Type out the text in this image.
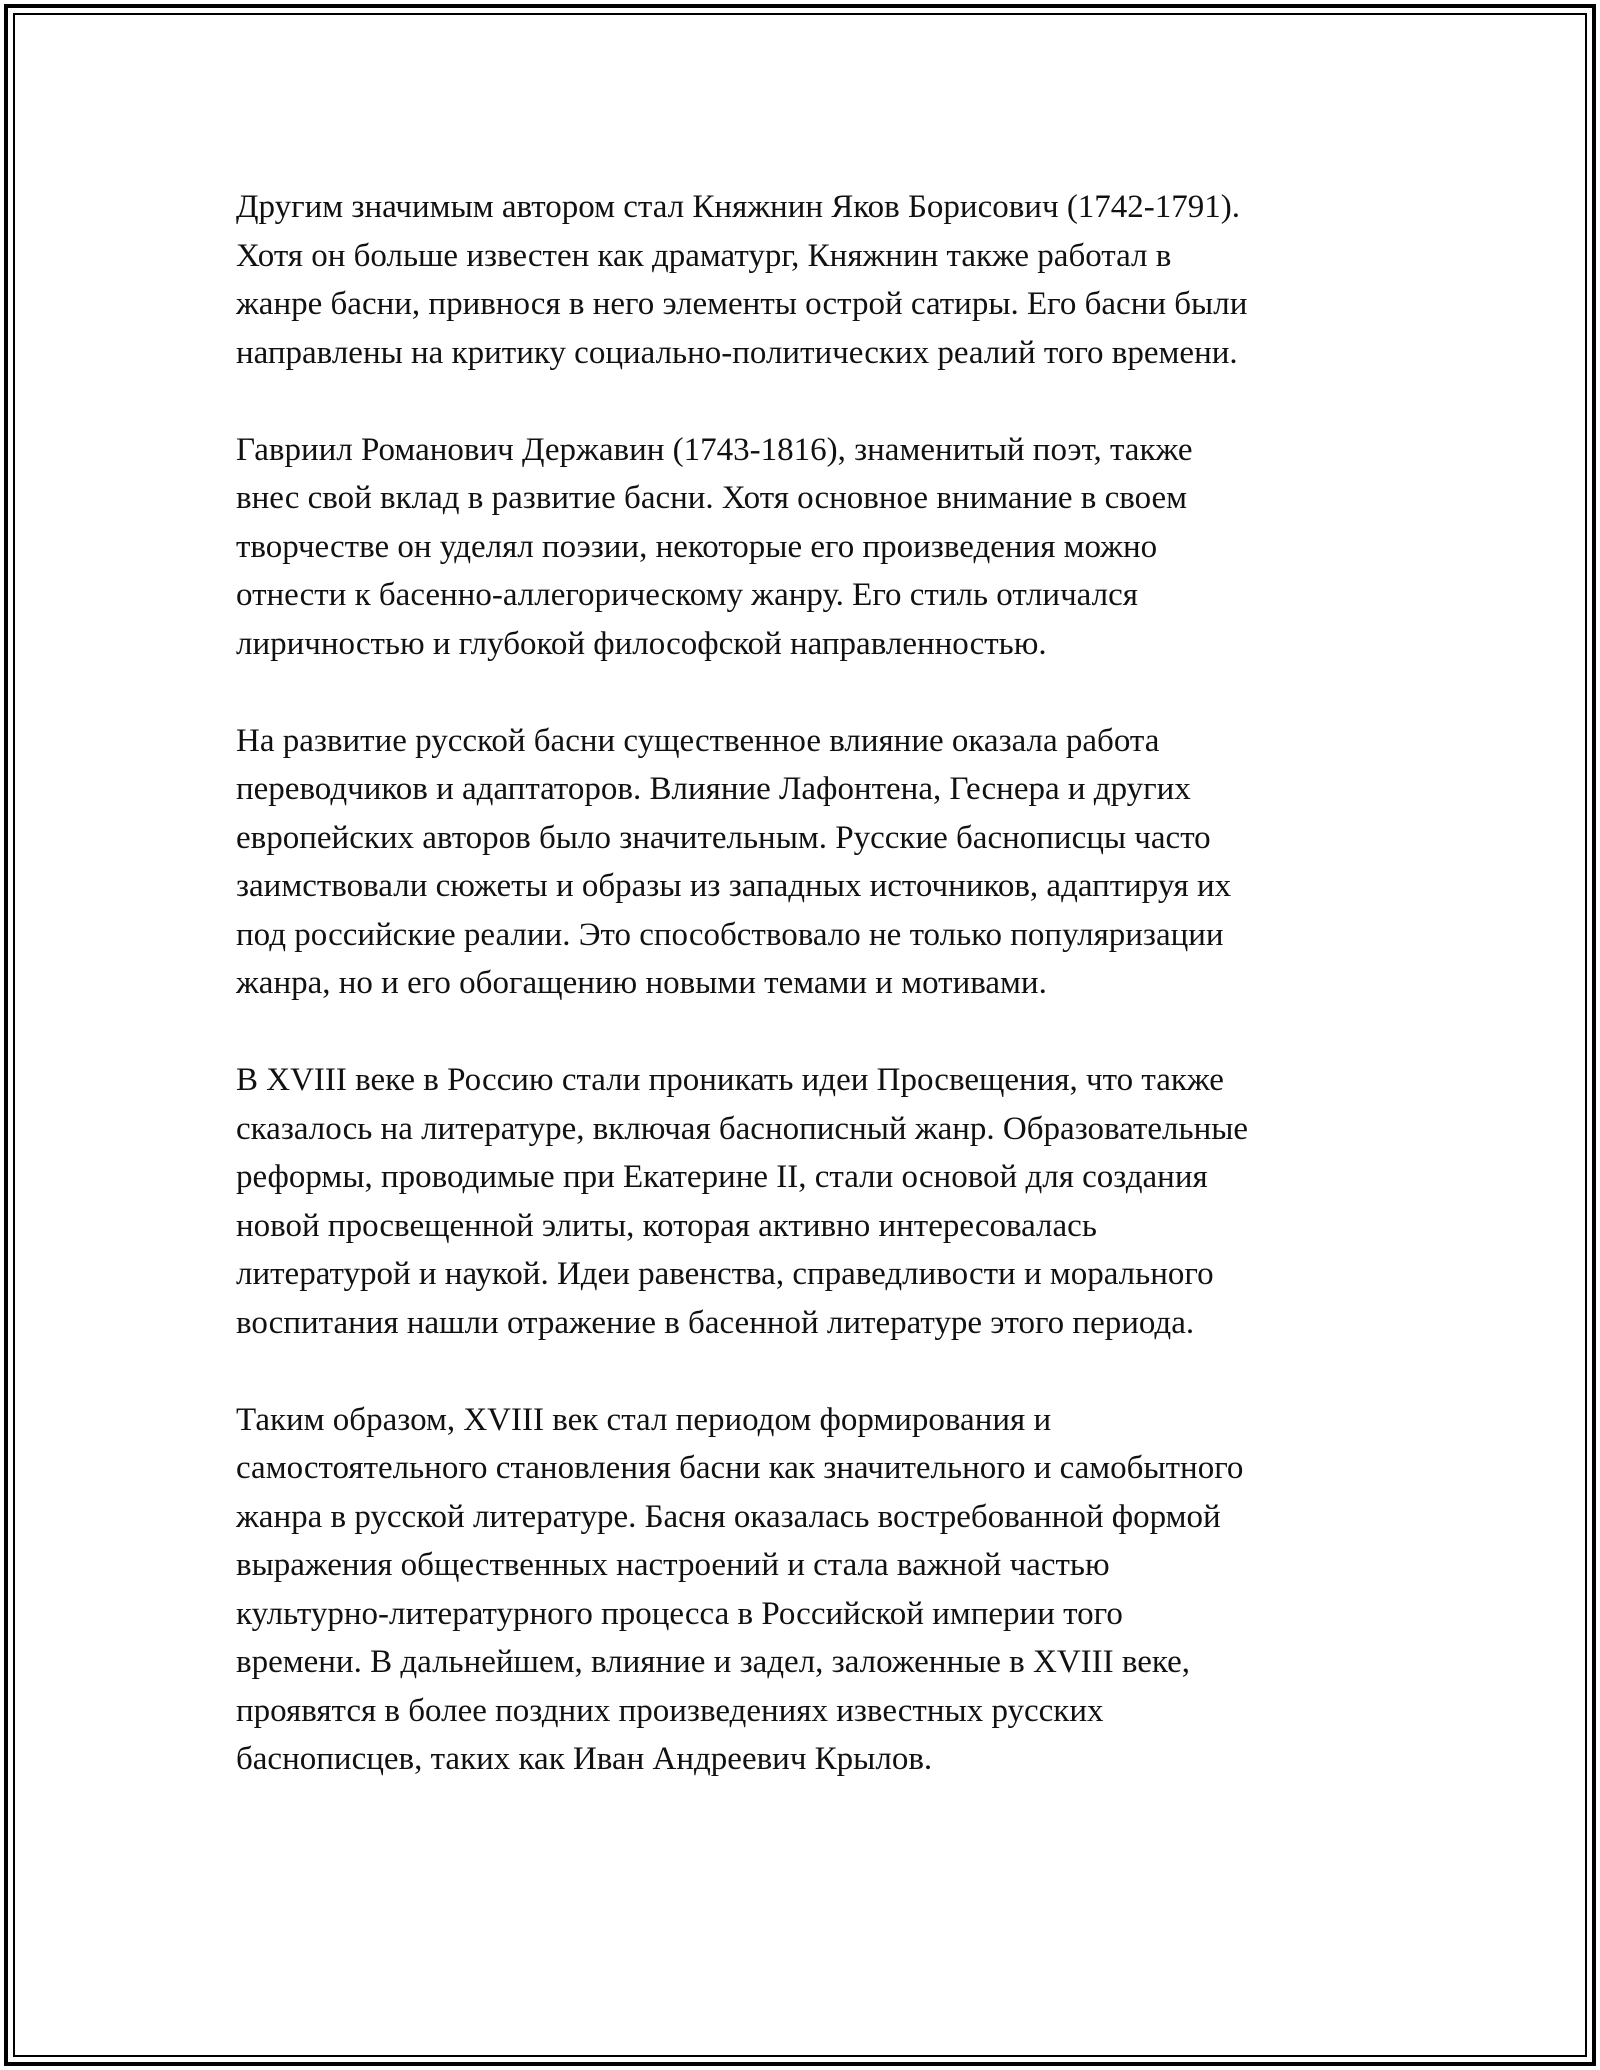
Другим значимым автором стал Княжнин Яков Борисович (1742-1791).
Хотя он больше известен как драматург, Княжнин также работал в
жанре басни, привнося в него элементы острой сатиры. Его басни были
направлены на критику социально-политических реалий того времени.

Гавриил Романович Державин (1743-1816), знаменитый поэт, также
внес свой вклад в развитие басни. Хотя основное внимание в своем
творчестве он уделял поэзии, некоторые его произведения можно
отнести к басенно-аллегорическому жанру. Его стиль отличался
лиричностью и глубокой философской направленностью.

На развитие русской басни существенное влияние оказала работа
переводчиков и адаптаторов. Влияние Лафонтена, Геснера и других
европейских авторов было значительным. Русские баснописцы часто
заимствовали сюжеты и образы из западных источников, адаптируя их
под российские реалии. Это способствовало не только популяризации
жанра, но и его обогащению новыми темами и мотивами.

В XVIII веке в Россию стали проникать идеи Просвещения, что также
сказалось на литературе, включая баснописный жанр. Образовательные
реформы, проводимые при Екатерине II, стали основой для создания
новой просвещенной элиты, которая активно интересовалась
литературой и наукой. Идеи равенства, справедливости и морального
воспитания нашли отражение в басенной литературе этого периода.

Таким образом, XVIII век стал периодом формирования и
самостоятельного становления басни как значительного и самобытного
жанра в русской литературе. Басня оказалась востребованной формой
выражения общественных настроений и стала важной частью
культурно-литературного процесса в Российской империи того
времени. В дальнейшем, влияние и задел, заложенные в XVIII веке,
проявятся в более поздних произведениях известных русских
баснописцев, таких как Иван Андреевич Крылов.
